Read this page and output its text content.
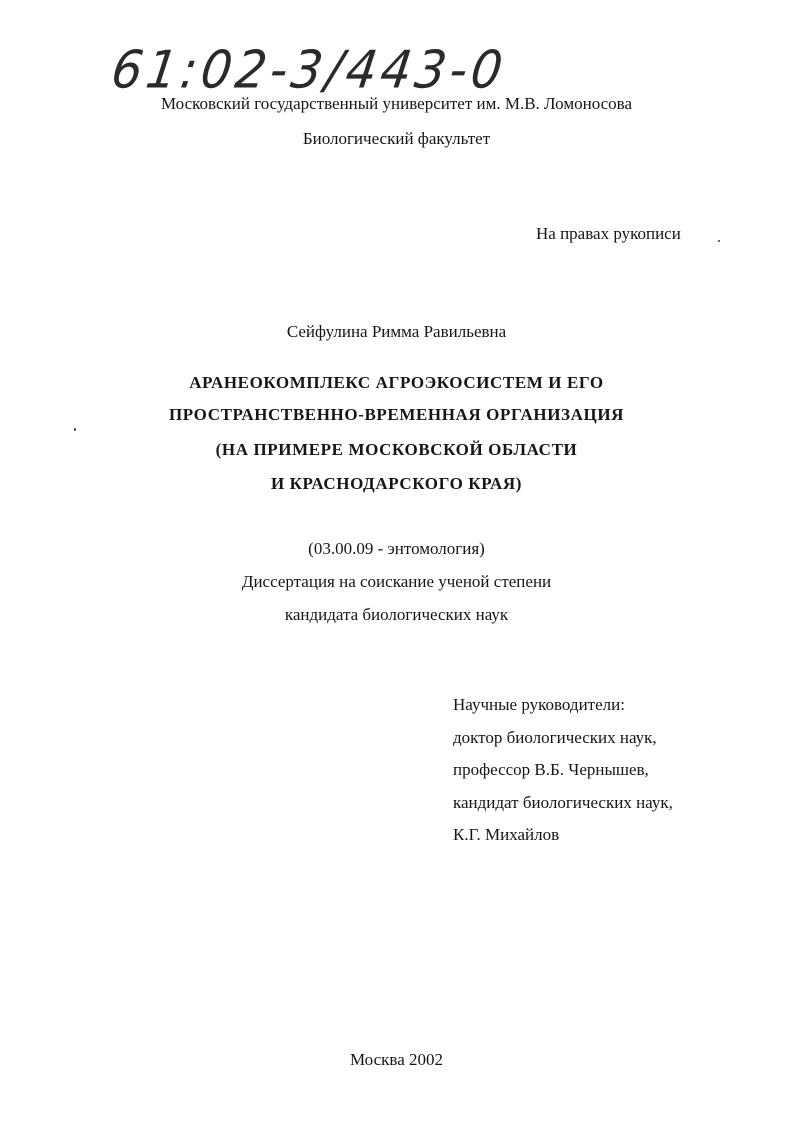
61:02-3/443-0
Московский государственный университет им. М.В. Ломоносова
Биологический факультет
На правах рукописи
Сейфулина Римма Равильевна
АРАНЕОКОМПЛЕКС АГРОЭКОСИСТЕМ И ЕГО
ПРОСТРАНСТВЕННО-ВРЕМЕННАЯ ОРГАНИЗАЦИЯ
(НА ПРИМЕРЕ МОСКОВСКОЙ ОБЛАСТИ
И КРАСНОДАРСКОГО КРАЯ)
(03.00.09 - энтомология)
Диссертация на соискание ученой степени
кандидата биологических наук
Научные руководители:
доктор биологических наук,
профессор В.Б. Чернышев,
кандидат биологических наук,
К.Г. Михайлов
Москва 2002
